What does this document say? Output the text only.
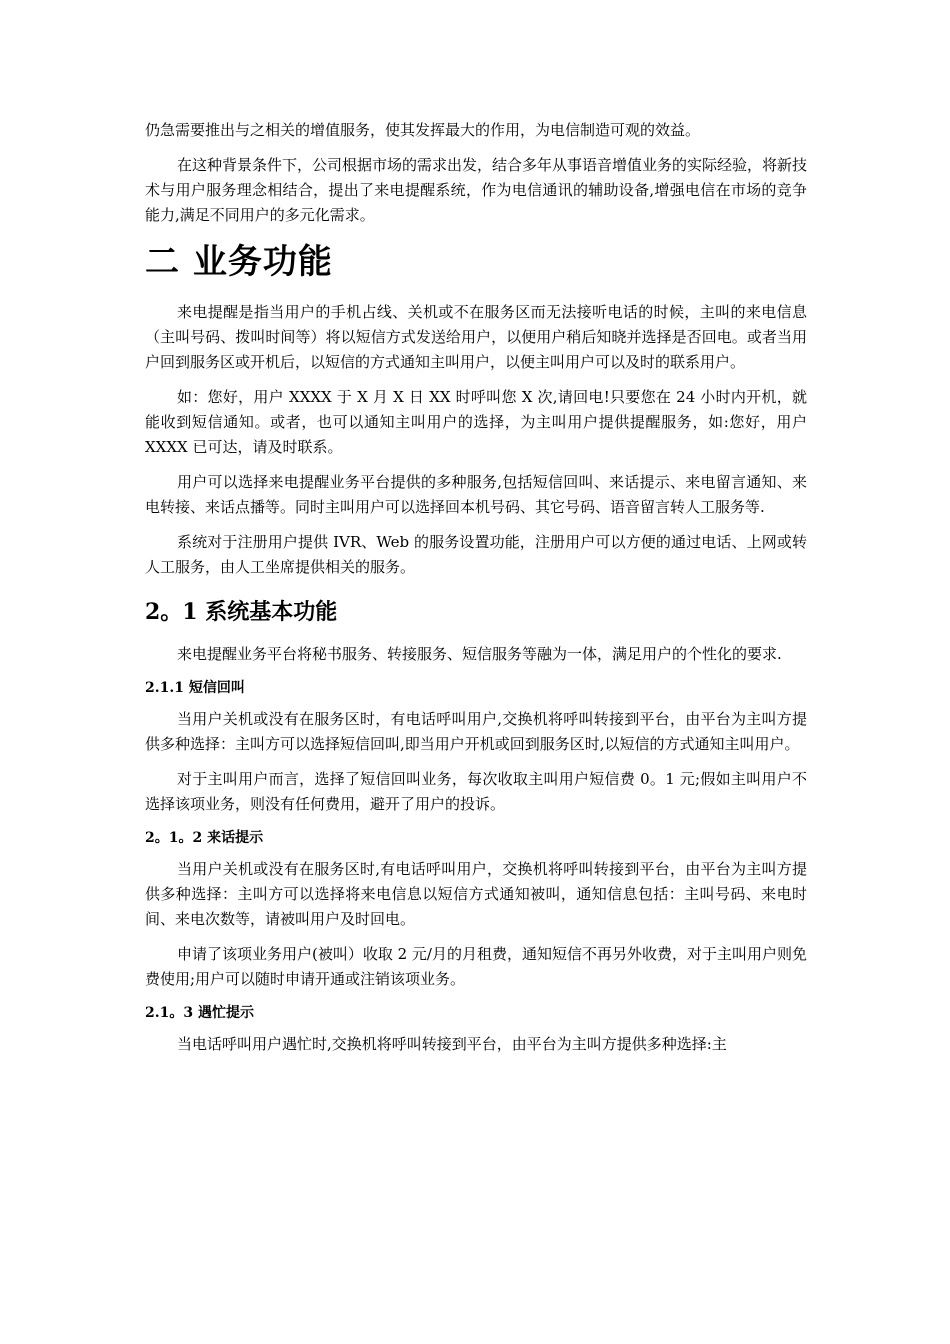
仍急需要推出与之相关的增值服务，使其发挥最大的作用，为电信制造可观的效益。

在这种背景条件下，公司根据市场的需求出发，结合多年从事语音增值业务的实际经验，将新技术与用户服务理念相结合，提出了来电提醒系统，作为电信通讯的辅助设备,增强电信在市场的竞争能力,满足不同用户的多元化需求。

二 业务功能

来电提醒是指当用户的手机占线、关机或不在服务区而无法接听电话的时候，主叫的来电信息（主叫号码、拨叫时间等）将以短信方式发送给用户，以便用户稍后知晓并选择是否回电。或者当用户回到服务区或开机后，以短信的方式通知主叫用户，以便主叫用户可以及时的联系用户。

如：您好，用户 XXXX 于 X 月 X 日 XX 时呼叫您 X 次,请回电!只要您在 24 小时内开机，就能收到短信通知。或者，也可以通知主叫用户的选择，为主叫用户提供提醒服务，如:您好，用户 XXXX 已可达，请及时联系。

用户可以选择来电提醒业务平台提供的多种服务,包括短信回叫、来话提示、来电留言通知、来电转接、来话点播等。同时主叫用户可以选择回本机号码、其它号码、语音留言转人工服务等.

系统对于注册用户提供 IVR、Web 的服务设置功能，注册用户可以方便的通过电话、上网或转人工服务，由人工坐席提供相关的服务。

2。1 系统基本功能

来电提醒业务平台将秘书服务、转接服务、短信服务等融为一体，满足用户的个性化的要求.

2.1.1 短信回叫

当用户关机或没有在服务区时，有电话呼叫用户,交换机将呼叫转接到平台，由平台为主叫方提供多种选择：主叫方可以选择短信回叫,即当用户开机或回到服务区时,以短信的方式通知主叫用户。

对于主叫用户而言，选择了短信回叫业务，每次收取主叫用户短信费 0。1 元;假如主叫用户不选择该项业务，则没有任何费用，避开了用户的投诉。

2。1。2 来话提示

当用户关机或没有在服务区时,有电话呼叫用户，交换机将呼叫转接到平台，由平台为主叫方提供多种选择：主叫方可以选择将来电信息以短信方式通知被叫，通知信息包括：主叫号码、来电时间、来电次数等，请被叫用户及时回电。

申请了该项业务用户(被叫）收取 2 元/月的月租费，通知短信不再另外收费，对于主叫用户则免费使用;用户可以随时申请开通或注销该项业务。

2.1。3 遇忙提示

当电话呼叫用户遇忙时,交换机将呼叫转接到平台，由平台为主叫方提供多种选择:主
